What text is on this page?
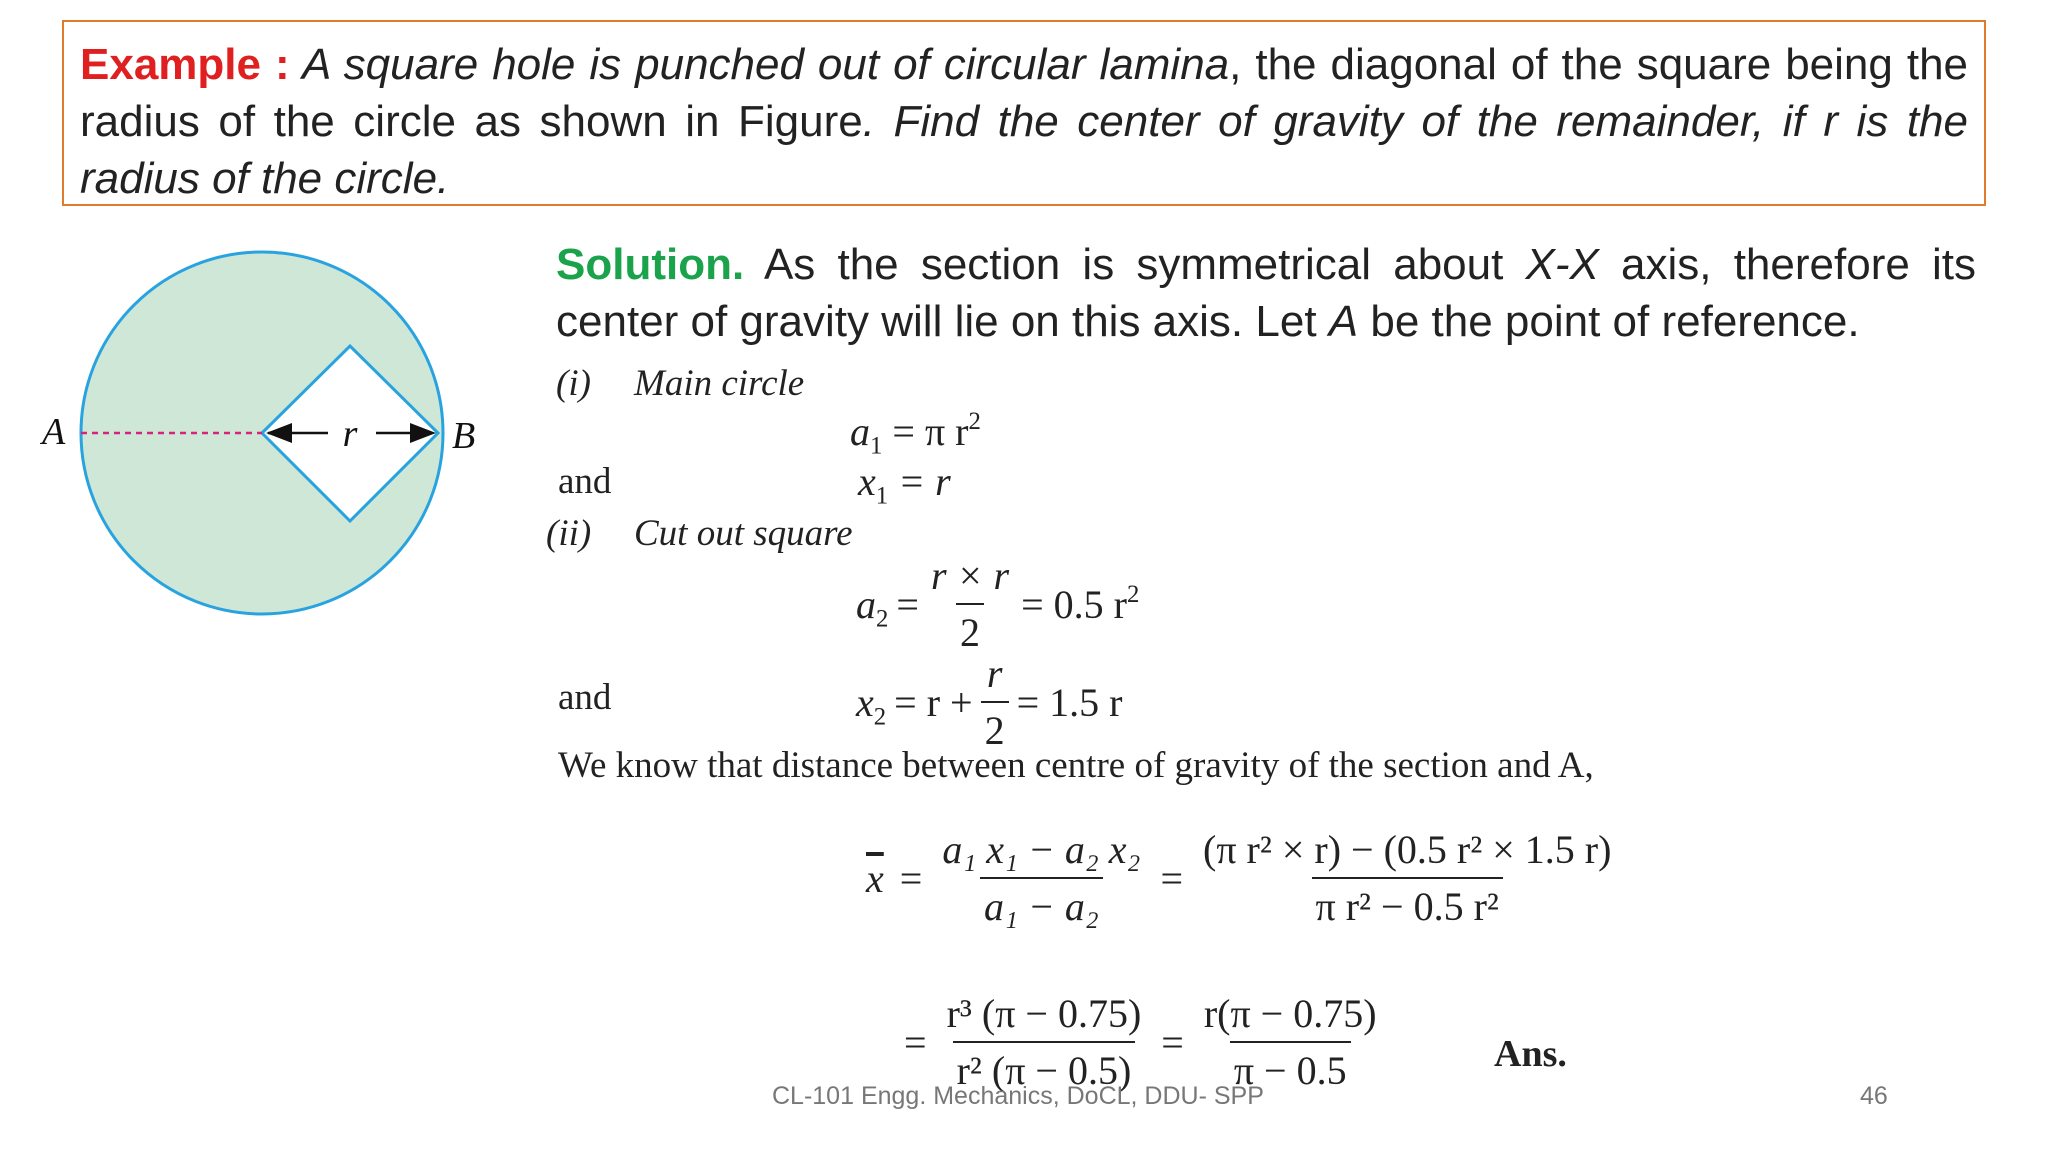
Example : A square hole is punched out of circular lamina, the diagonal of the square being the radius of the circle as shown in Figure. Find the center of gravity of the remainder, if r is the radius of the circle.
r
A	B
Solution. As the section is symmetrical about X-X axis, therefore its center of gravity will lie on this axis. Let A be the point of reference.
(i) Main circle
$a_1 = \pi$ $r^2$
and	$x_1 = r$
(ii) Cut out square
$a_2 = \frac{r \times r}{2} = 0.5$ $r^2$
and	$x_2 = r + \frac{r}{2} = 1.5$ r
We know that distance between centre of gravity of the section and A,
$\overline{x} = \frac{\text{a₁ x₁ − a₂ x₂}}{\text{a₁ − a₂}} = \frac{\text{(π r² × r) − (0.5 r² × 1.5 r)}}{\text{π r² − 0.5 r²}}$
= $\frac{\text{r³ (π − 0.75)}}{\text{r² (π − 0.5)}} = \frac{r(\pi - 0.75)}{\pi - 0.5}$	Ans.
CL-101 Engg. Mechanics, DoCL, DDU- SPP	46
